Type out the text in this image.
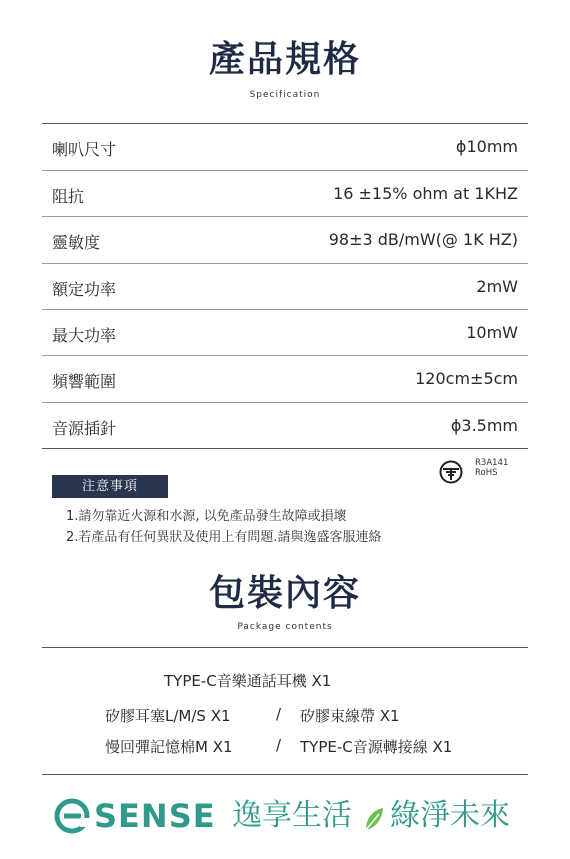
產品規格
Specification
喇叭尺寸	ϕ10mm
阻抗	16 ±15% ohm at 1KHZ
靈敏度	98±3 dB/mW(@ 1K HZ)
額定功率	2mW
最大功率	10mW
頻響範圍	120cm±5cm
音源插針	ϕ3.5mm
R3A141
RoHS
注意事項
1.請勿靠近火源和水源, 以免產品發生故障或損壞
2.若產品有任何異狀及使用上有問題.請與逸盛客服連絡
包裝內容
Package contents
TYPE-C音樂通話耳機 X1
矽膠耳塞L/M/S X1	/ 矽膠束線帶 X1
慢回彈記憶棉M X1	/ TYPE-C音源轉接線 X1
SENSE 逸享生活 綠淨未來
